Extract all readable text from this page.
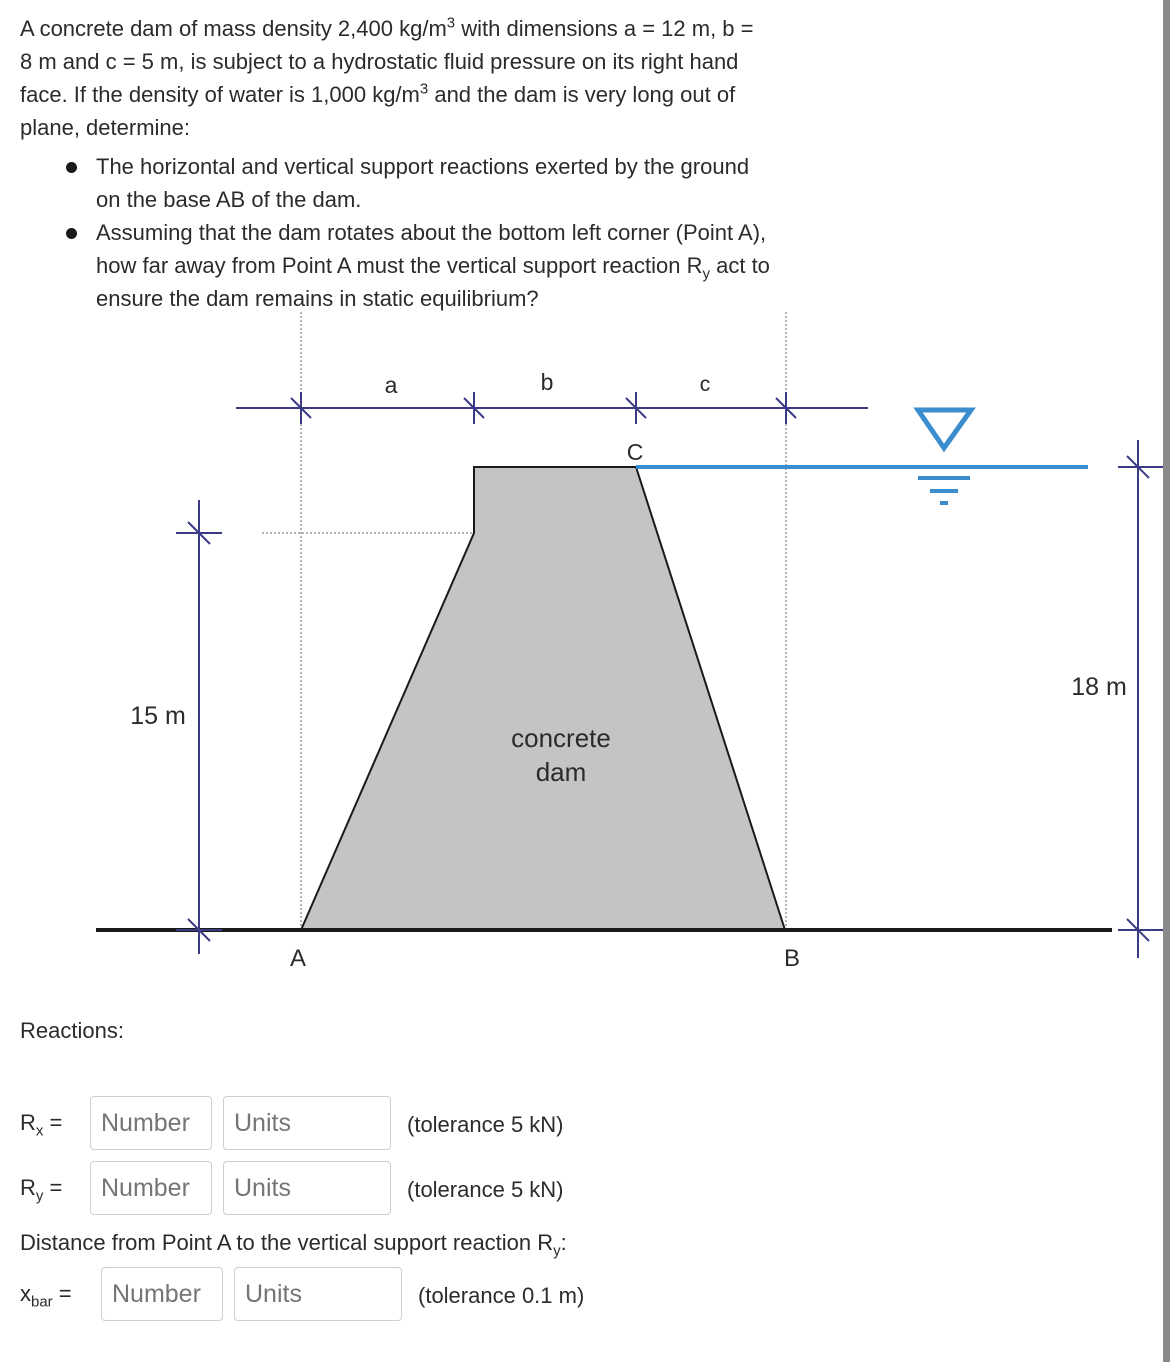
A concrete dam of mass density 2,400 $kg/m^3$ with dimensions a = 12 m, b = 8 m and c = 5 m, is subject to a hydrostatic fluid pressure on its right hand face. If the density of water is 1,000 $kg/m^3$ and the dam is very long out of plane, determine:

The horizontal and vertical support reactions exerted by the ground on the base AB of the dam.
Assuming that the dam rotates about the bottom left corner (Point A), how far away from Point A must the vertical support reaction $R_y$ act to ensure the dam remains in static equilibrium?
a	b	c
C
A	B
15 m
18 m
concrete
dam
Reactions:
$R_x$ =
Number
Units	(tolerance 5 kN)
$R_y$ =
Number
Units	(tolerance 5 kN)
Distance from Point A to the vertical support reaction $R_y$:
$x_{bar}$ =
Number
Units	(tolerance 0.1 m)
